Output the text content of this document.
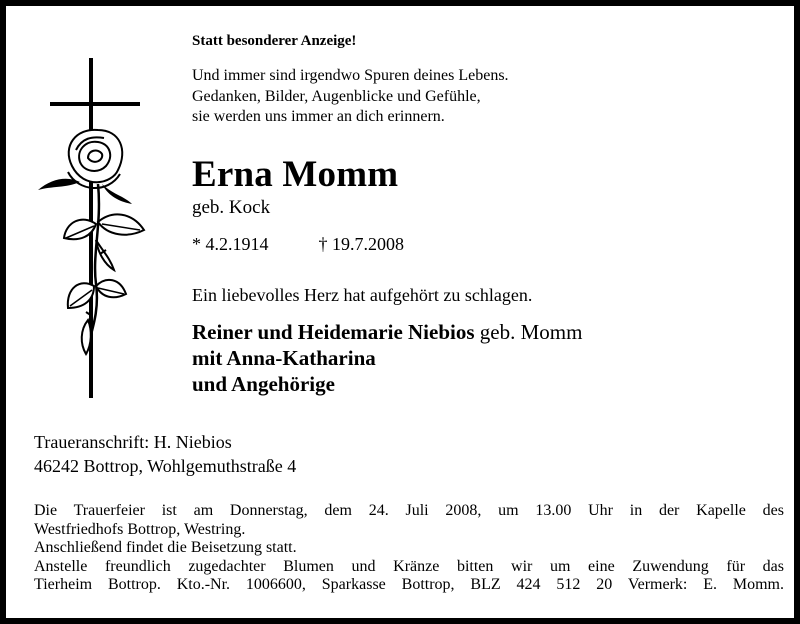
Statt besonderer Anzeige!
Und immer sind irgendwo Spuren deines Lebens.
Gedanken, Bilder, Augenblicke und Gefühle,
sie werden uns immer an dich erinnern.
Erna Momm
geb. Kock
* 4.2.1914	† 19.7.2008
Ein liebevolles Herz hat aufgehört zu schlagen.
Reiner und Heidemarie Niebios geb. Momm
mit Anna-Katharina
und Angehörige
Traueranschrift: H. Niebios
46242 Bottrop, Wohlgemuthstraße 4
Die Trauerfeier ist am Donnerstag, dem 24. Juli 2008, um 13.00 Uhr in der Kapelle des
Westfriedhofs Bottrop, Westring.
Anschließend findet die Beisetzung statt.
Anstelle freundlich zugedachter Blumen und Kränze bitten wir um eine Zuwendung für das
Tierheim Bottrop. Kto.-Nr. 1006600, Sparkasse Bottrop, BLZ 424 512 20 Vermerk: E. Momm.
